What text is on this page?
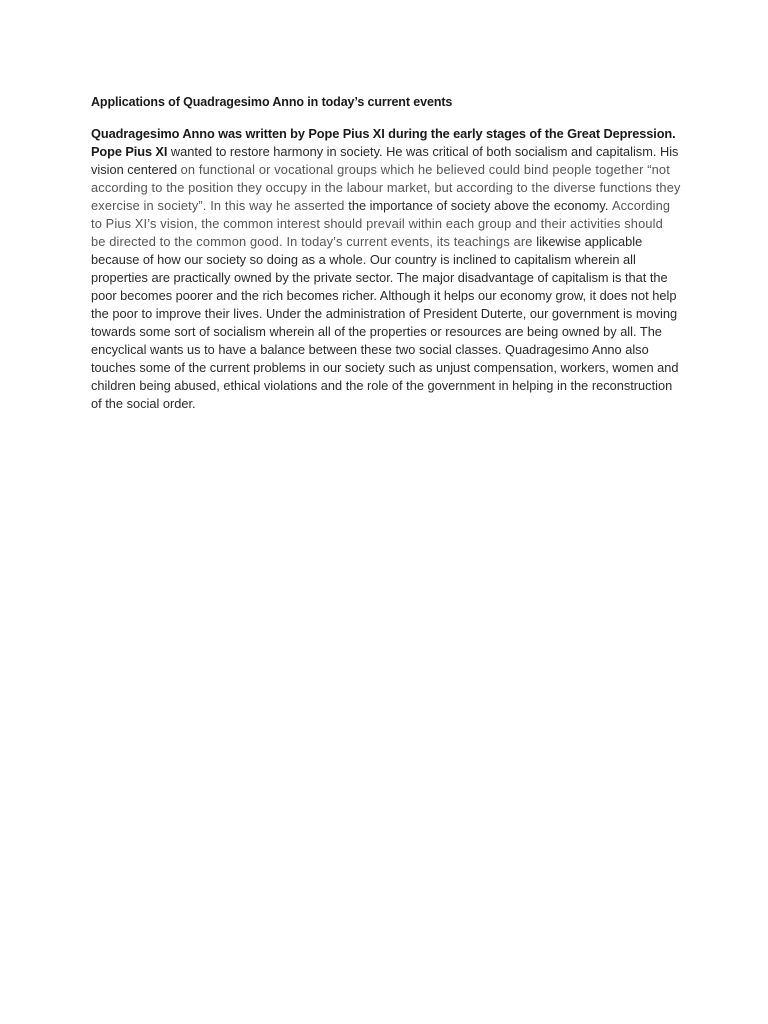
Applications of Quadragesimo Anno in today’s current events

Quadragesimo Anno was written by Pope Pius XI during the early stages of the Great Depression. Pope Pius XI wanted to restore harmony in society. He was critical of both socialism and capitalism. His vision centered on functional or vocational groups which he believed could bind people together “not according to the position they occupy in the labour market, but according to the diverse functions they exercise in society”. In this way he asserted the importance of society above the economy. According to Pius XI’s vision, the common interest should prevail within each group and their activities should be directed to the common good. In today’s current events, its teachings are likewise applicable because of how our society so doing as a whole. Our country is inclined to capitalism wherein all properties are practically owned by the private sector. The major disadvantage of capitalism is that the poor becomes poorer and the rich becomes richer. Although it helps our economy grow, it does not help the poor to improve their lives. Under the administration of President Duterte, our government is moving towards some sort of socialism wherein all of the properties or resources are being owned by all. The encyclical wants us to have a balance between these two social classes. Quadragesimo Anno also touches some of the current problems in our society such as unjust compensation, workers, women and children being abused, ethical violations and the role of the government in helping in the reconstruction of the social order.
